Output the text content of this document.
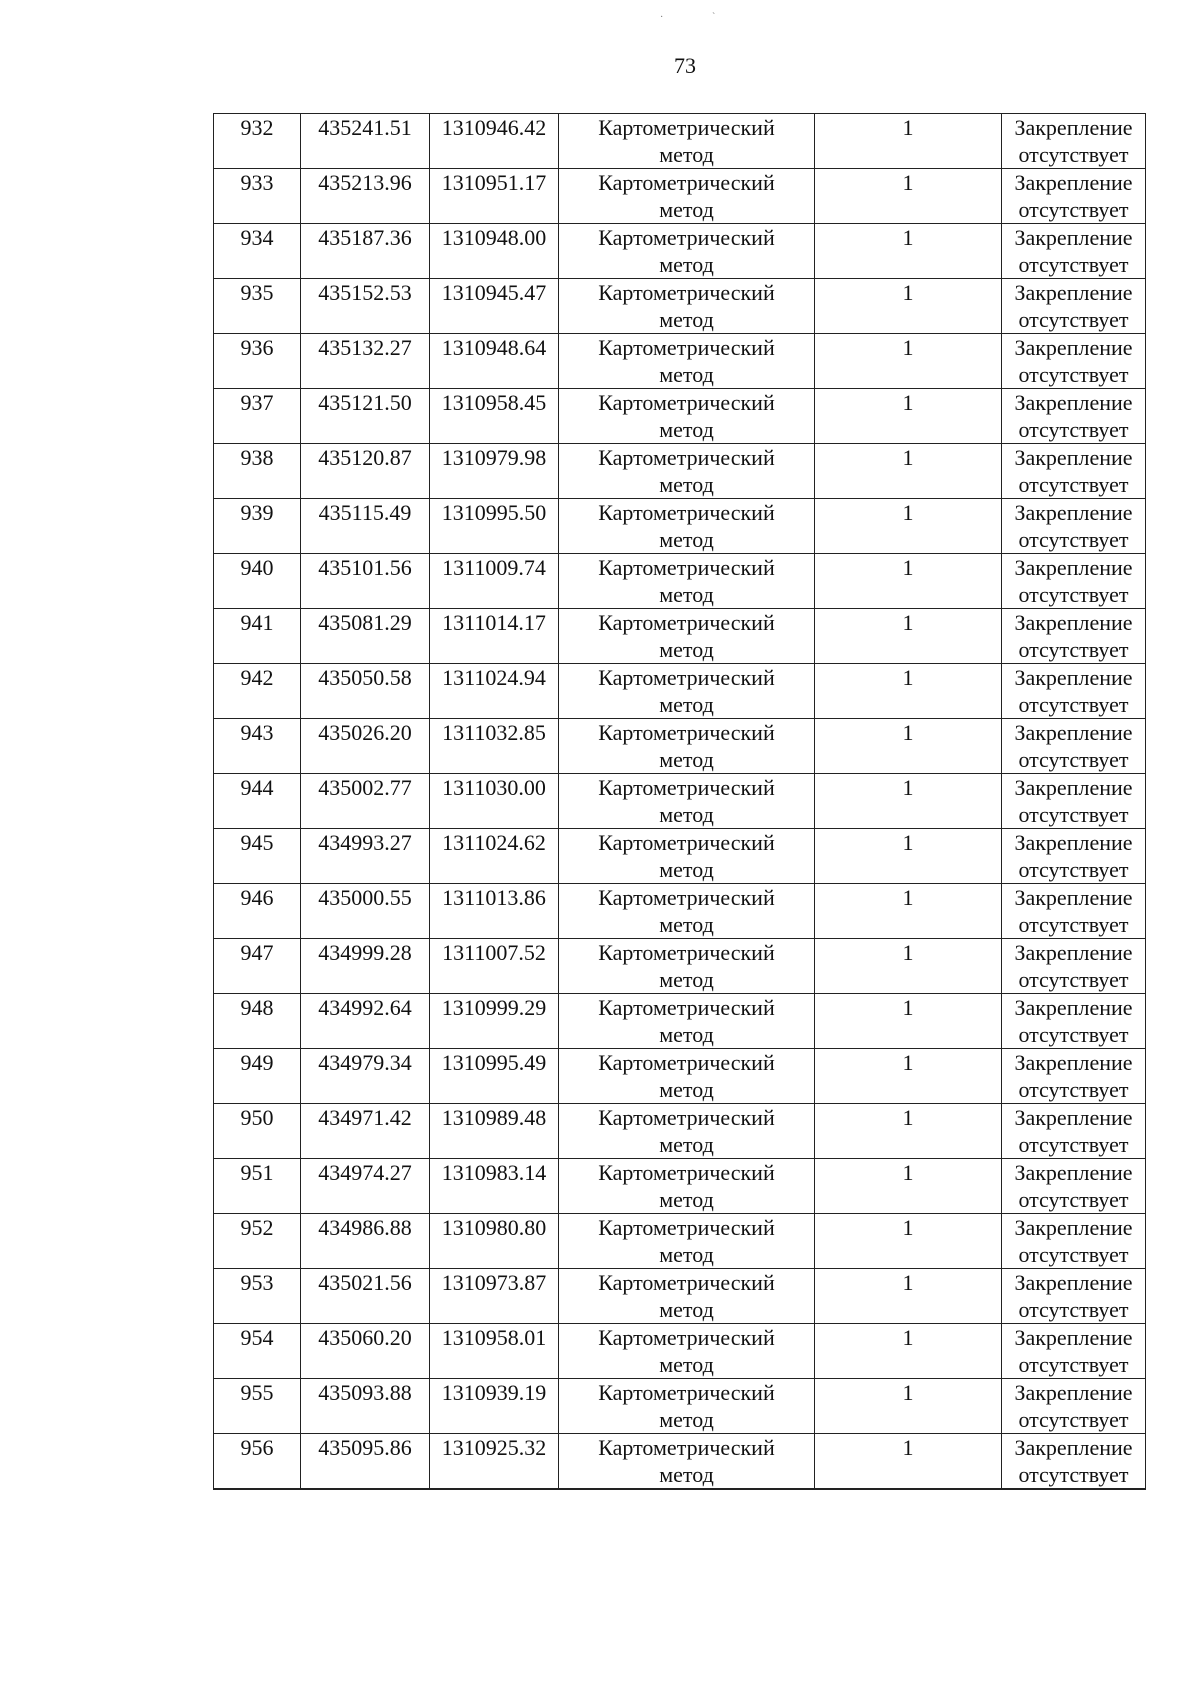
·	ˋ
73
932	435241.51	1310946.42	Картометрический
метод	1	Закрепление
отсутствует

933	435213.96	1310951.17	Картометрический
метод	1	Закрепление
отсутствует

934	435187.36	1310948.00	Картометрический
метод	1	Закрепление
отсутствует

935	435152.53	1310945.47	Картометрический
метод	1	Закрепление
отсутствует

936	435132.27	1310948.64	Картометрический
метод	1	Закрепление
отсутствует

937	435121.50	1310958.45	Картометрический
метод	1	Закрепление
отсутствует

938	435120.87	1310979.98	Картометрический
метод	1	Закрепление
отсутствует

939	435115.49	1310995.50	Картометрический
метод	1	Закрепление
отсутствует

940	435101.56	1311009.74	Картометрический
метод	1	Закрепление
отсутствует

941	435081.29	1311014.17	Картометрический
метод	1	Закрепление
отсутствует

942	435050.58	1311024.94	Картометрический
метод	1	Закрепление
отсутствует

943	435026.20	1311032.85	Картометрический
метод	1	Закрепление
отсутствует

944	435002.77	1311030.00	Картометрический
метод	1	Закрепление
отсутствует

945	434993.27	1311024.62	Картометрический
метод	1	Закрепление
отсутствует

946	435000.55	1311013.86	Картометрический
метод	1	Закрепление
отсутствует

947	434999.28	1311007.52	Картометрический
метод	1	Закрепление
отсутствует

948	434992.64	1310999.29	Картометрический
метод	1	Закрепление
отсутствует

949	434979.34	1310995.49	Картометрический
метод	1	Закрепление
отсутствует

950	434971.42	1310989.48	Картометрический
метод	1	Закрепление
отсутствует

951	434974.27	1310983.14	Картометрический
метод	1	Закрепление
отсутствует

952	434986.88	1310980.80	Картометрический
метод	1	Закрепление
отсутствует

953	435021.56	1310973.87	Картометрический
метод	1	Закрепление
отсутствует

954	435060.20	1310958.01	Картометрический
метод	1	Закрепление
отсутствует

955	435093.88	1310939.19	Картометрический
метод	1	Закрепление
отсутствует

956	435095.86	1310925.32	Картометрический
метод	1	Закрепление
отсутствует
